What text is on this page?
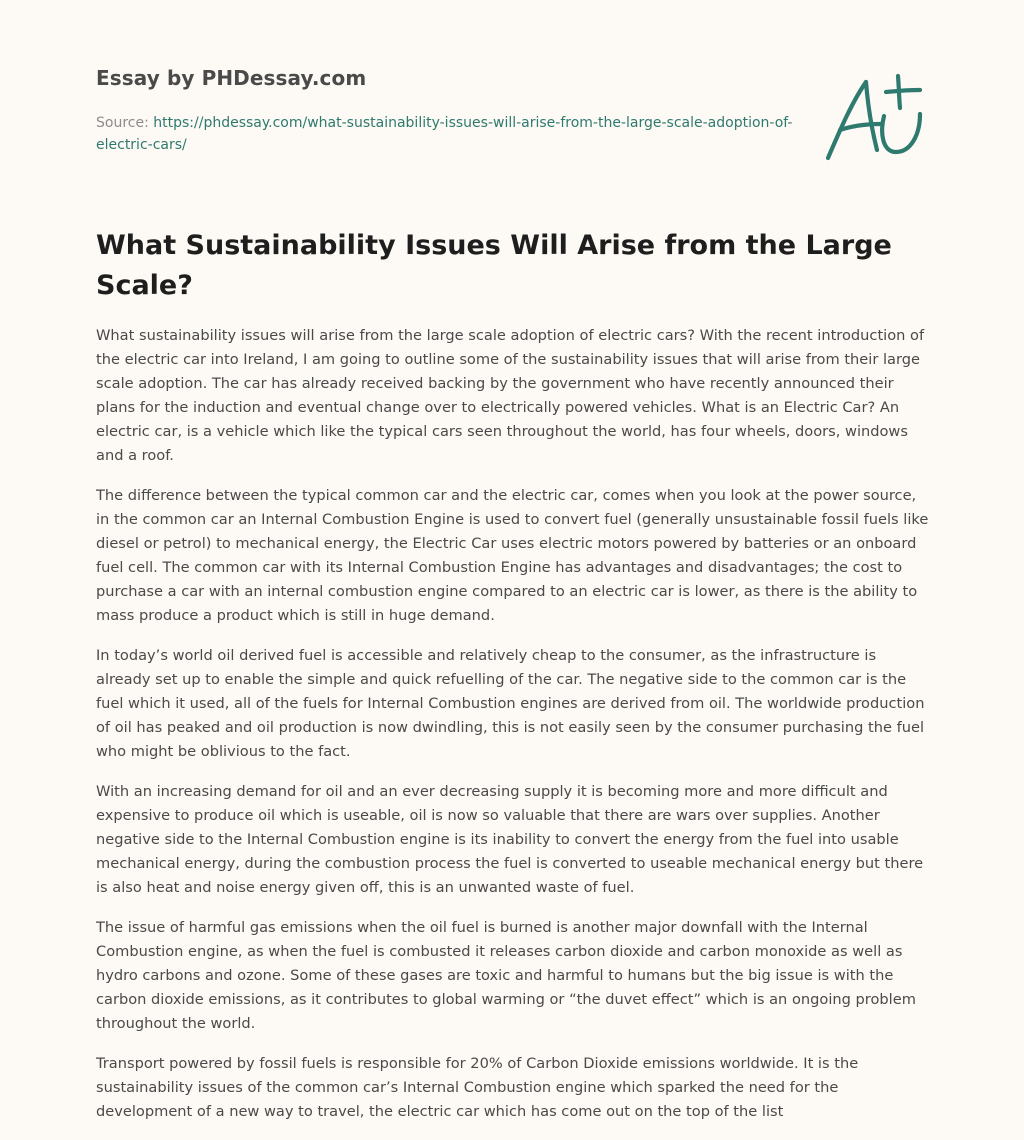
Essay by PHDessay.com
Source: https://phdessay.com/what-sustainability-issues-will-arise-from-the-large-scale-adoption-of-electric-cars/
What Sustainability Issues Will Arise from the Large Scale?

What sustainability issues will arise from the large scale adoption of electric cars? With the recent introduction of the electric car into Ireland, I am going to outline some of the sustainability issues that will arise from their large scale adoption. The car has already received backing by the government who have recently announced their plans for the induction and eventual change over to electrically powered vehicles. What is an Electric Car? An electric car, is a vehicle which like the typical cars seen throughout the world, has four wheels, doors, windows and a roof.

The difference between the typical common car and the electric car, comes when you look at the power source, in the common car an Internal Combustion Engine is used to convert fuel (generally unsustainable fossil fuels like diesel or petrol) to mechanical energy, the Electric Car uses electric motors powered by batteries or an onboard fuel cell. The common car with its Internal Combustion Engine has advantages and disadvantages; the cost to purchase a car with an internal combustion engine compared to an electric car is lower, as there is the ability to mass produce a product which is still in huge demand.

In today’s world oil derived fuel is accessible and relatively cheap to the consumer, as the infrastructure is already set up to enable the simple and quick refuelling of the car. The negative side to the common car is the fuel which it used, all of the fuels for Internal Combustion engines are derived from oil. The worldwide production of oil has peaked and oil production is now dwindling, this is not easily seen by the consumer purchasing the fuel who might be oblivious to the fact.

With an increasing demand for oil and an ever decreasing supply it is becoming more and more difficult and expensive to produce oil which is useable, oil is now so valuable that there are wars over supplies. Another negative side to the Internal Combustion engine is its inability to convert the energy from the fuel into usable mechanical energy, during the combustion process the fuel is converted to useable mechanical energy but there is also heat and noise energy given off, this is an unwanted waste of fuel.

The issue of harmful gas emissions when the oil fuel is burned is another major downfall with the Internal Combustion engine, as when the fuel is combusted it releases carbon dioxide and carbon monoxide as well as hydro carbons and ozone. Some of these gases are toxic and harmful to humans but the big issue is with the carbon dioxide emissions, as it contributes to global warming or “the duvet effect” which is an ongoing problem throughout the world.

Transport powered by fossil fuels is responsible for 20% of Carbon Dioxide emissions worldwide. It is the sustainability issues of the common car’s Internal Combustion engine which sparked the need for the development of a new way to travel, the electric car which has come out on the top of the list
